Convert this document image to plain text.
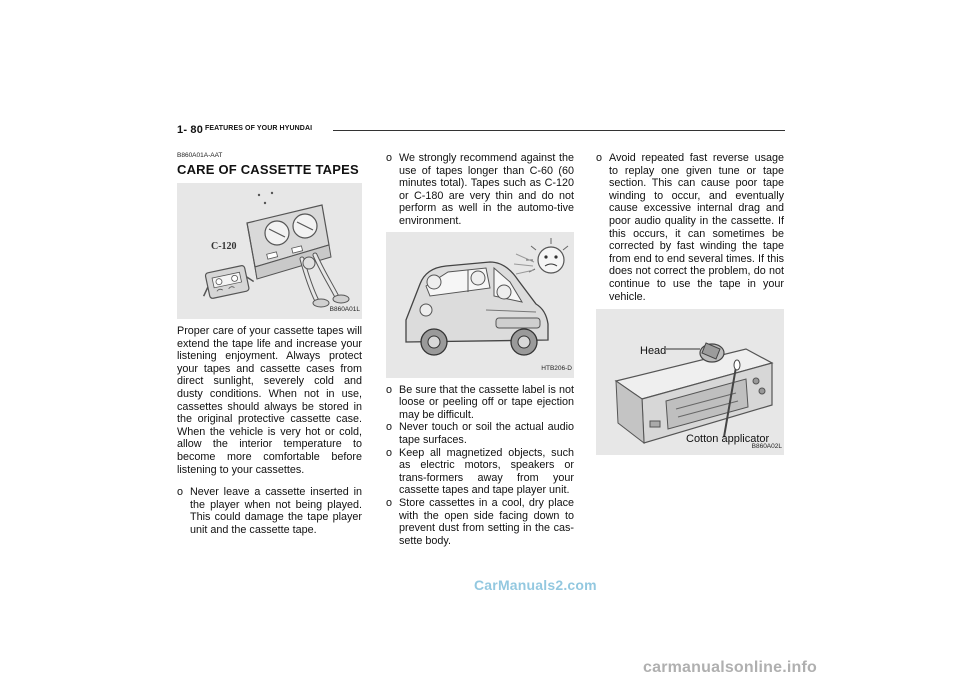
1- 80 FEATURES OF YOUR HYUNDAI
B860A01A-AAT
CARE OF CASSETTE TAPES
C-120
B860A01L

Proper care of your cassette tapes will extend the tape life and increase your listening enjoyment. Always protect your tapes and cassette cases from direct sunlight, severely cold and dusty conditions. When not in use, cassettes should always be stored in the original protective cassette case. When the vehicle is very hot or cold, allow the interior temperature to become more comfortable before listening to your cassettes.

o Never leave a cassette inserted in the player when not being played. This could damage the tape player unit and the cassette tape.
o We strongly recommend against the use of tapes longer than C-60 (60 minutes total). Tapes such as C-120 or C-180 are very thin and do not perform as well in the automo-tive environment.
HTB206-D
o Be sure that the cassette label is not loose or peeling off or tape ejection may be difficult.
o Never touch or soil the actual audio tape surfaces.
o Keep all magnetized objects, such as electric motors, speakers or trans-formers away from your cassette tapes and tape player unit.
o Store cassettes in a cool, dry place with the open side facing down to prevent dust from setting in the cas-sette body.
o Avoid repeated fast reverse usage to replay one given tune or tape section. This can cause poor tape winding to occur, and eventually cause excessive internal drag and poor audio quality in the cassette. If this occurs, it can sometimes be corrected by fast winding the tape from end to end several times. If this does not correct the problem, do not continue to use the tape in your vehicle.
Head
Cotton applicator
B860A02L
CarManuals2.com
carmanualsonline.info
